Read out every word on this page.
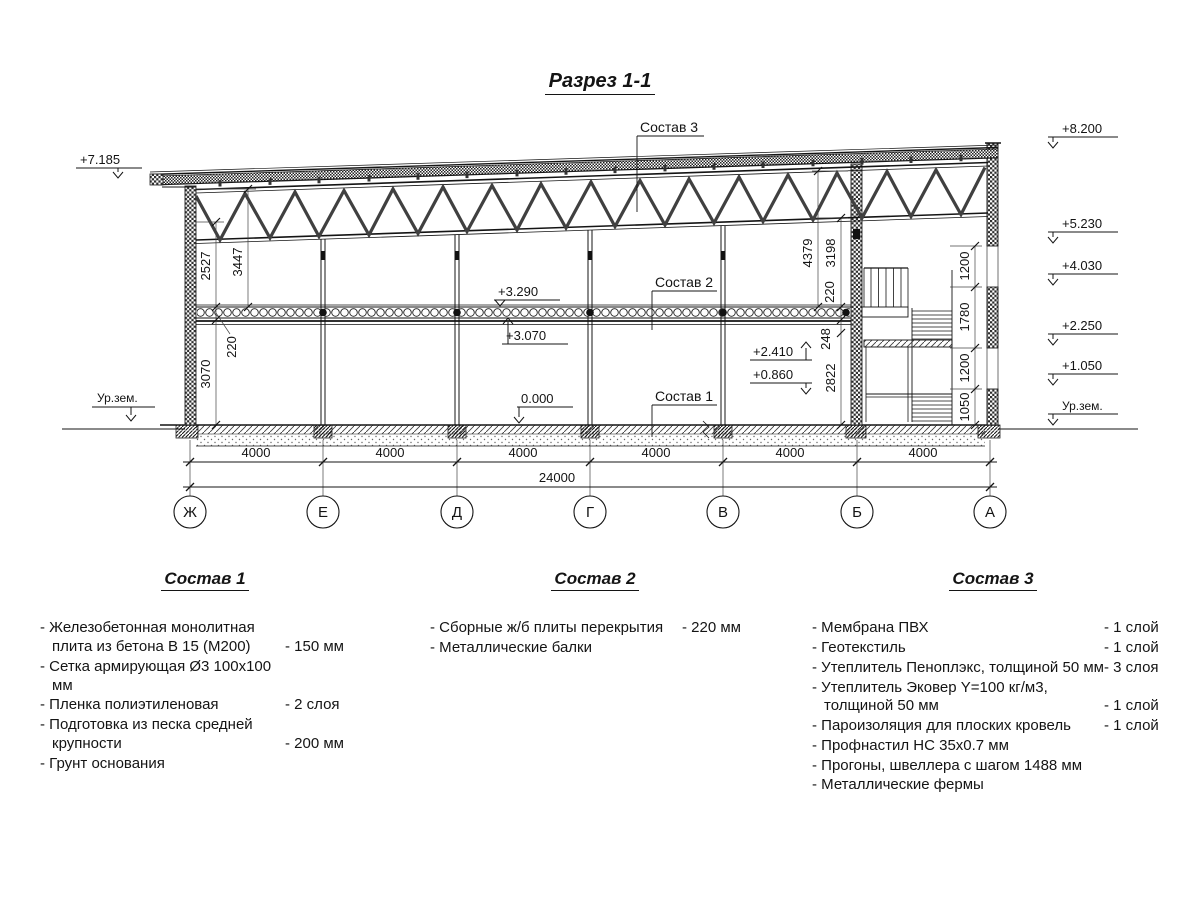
Разрез 1-1
2527 3447
220
3070
4379 3198
220
248
2822
1200
1780
1200
1050
+7.185
Ур.зем.
+8.200
+5.230
+4.030
+2.250
+1.050
Ур.зем.
+3.290
+3.070
0.000
+2.410
+0.860
Состав 3
Состав 2
Состав 1
4000	4000	4000	4000	4000	4000
24000
Ж	Е	Д	Г	В	Б	А
Состав 1
- Железобетонная монолитная плита из бетона В 15 (М200)	- 150 мм
- Сетка армирующая Ø3 100х100 мм
- Пленка полиэтиленовая	- 2 слоя
- Подготовка из песка средней крупности	- 200 мм
- Грунт основания
Состав 2
- Сборные ж/б плиты перекрытия	- 220 мм
- Металлические балки
Состав 3
- Мембрана ПВХ	- 1 слой
- Геотекстиль	- 1 слой
- Утеплитель Пеноплэкс, толщиной 50 мм - 3 слоя
- Утеплитель Эковер Y=100 кг/м3, толщиной 50 мм	- 1 слой
- Пароизоляция для плоских кровель	- 1 слой
- Профнастил НС 35х0.7 мм
- Прогоны, швеллера с шагом 1488 мм
- Металлические фермы
